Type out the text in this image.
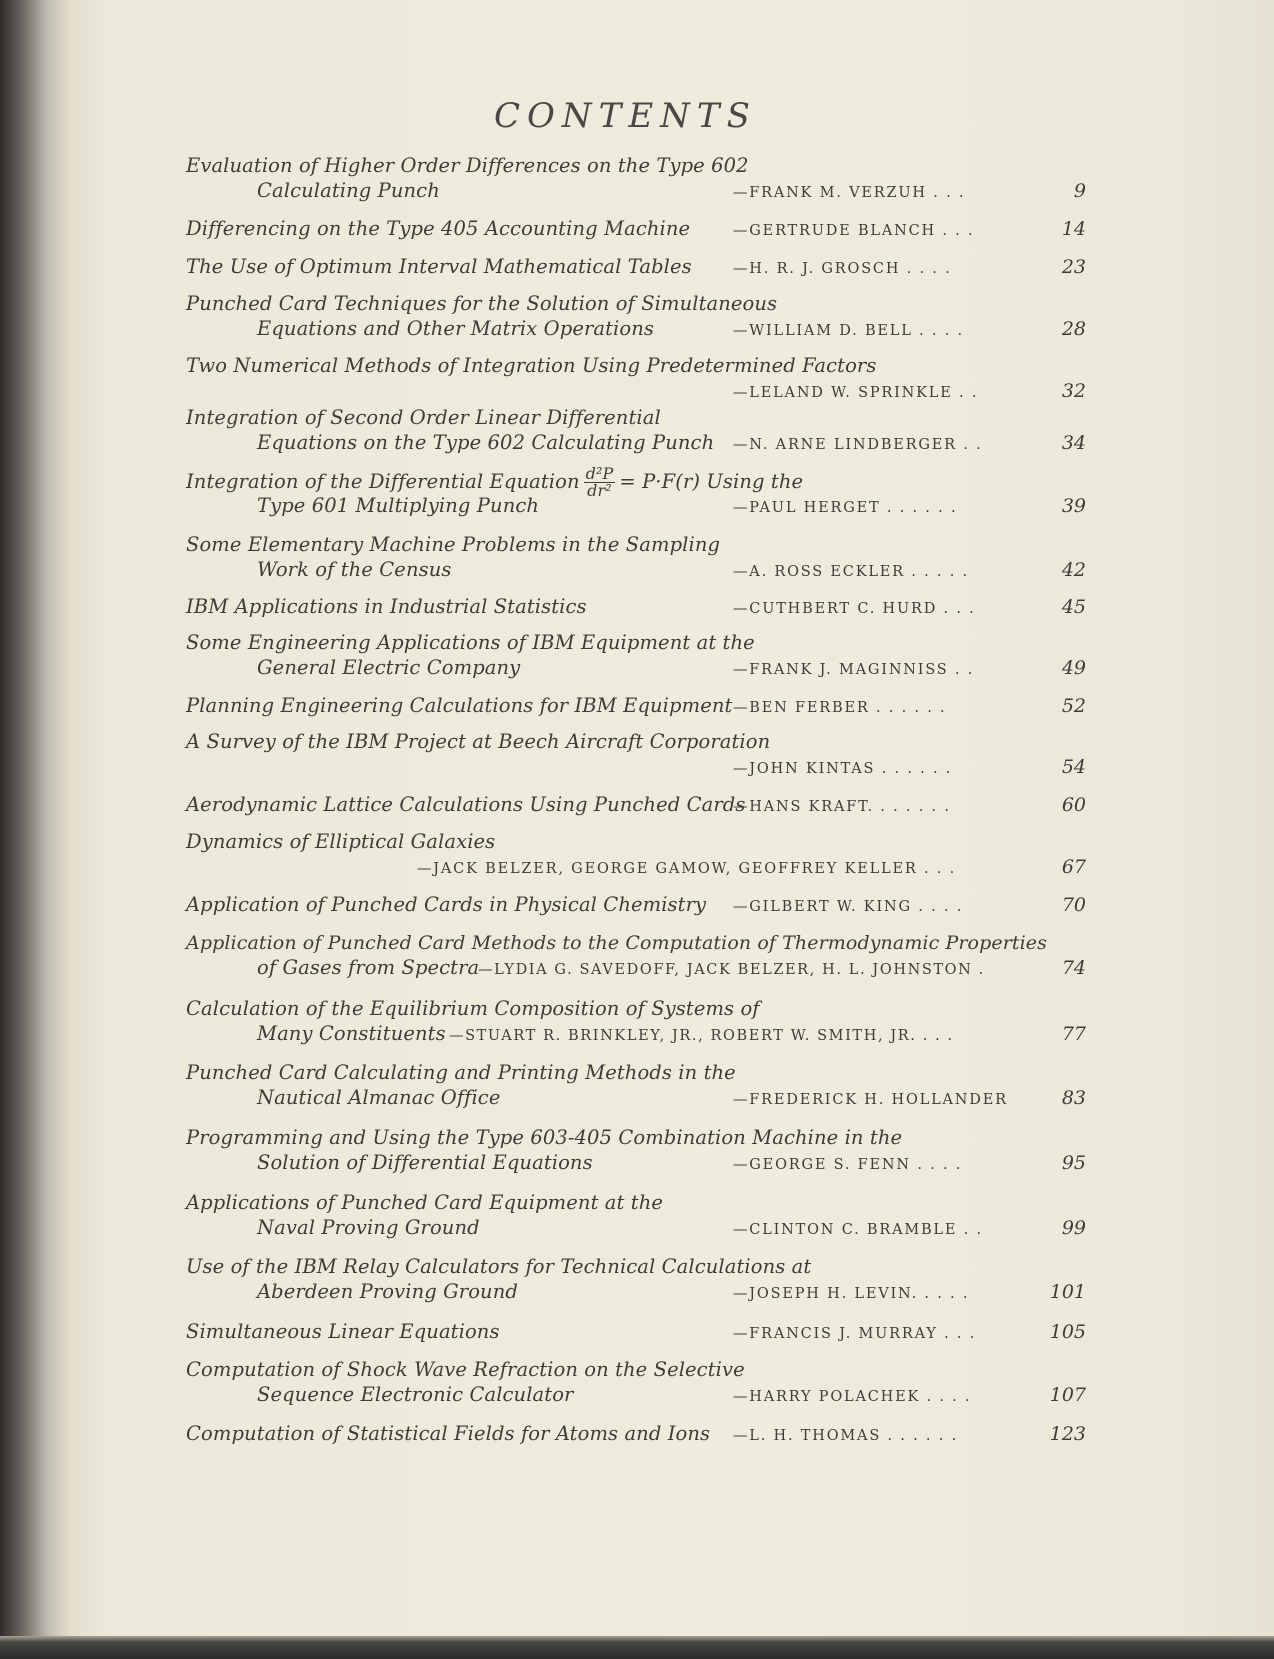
CONTENTS
Evaluation of Higher Order Differences on the Type 602
Calculating Punch	—FRANK M. VERZUH . . .	9
Differencing on the Type 405 Accounting Machine	—GERTRUDE BLANCH . . .	14
The Use of Optimum Interval Mathematical Tables	—H. R. J. GROSCH . . . .	23
Punched Card Techniques for the Solution of Simultaneous
Equations and Other Matrix Operations	—WILLIAM D. BELL . . . .	28
Two Numerical Methods of Integration Using Predetermined Factors
—LELAND W. SPRINKLE . .	32
Integration of Second Order Linear Differential
Equations on the Type 602 Calculating Punch —N. ARNE LINDBERGER . .	34
Integration of the Differential Equation $\frac{\text{d²P}}{\text{dr²}} = P\cdot F(r)$ Using the
Type 601 Multiplying Punch	—PAUL HERGET . . . . . .	39
Some Elementary Machine Problems in the Sampling
Work of the Census	—A. ROSS ECKLER . . . . .	42
IBM Applications in Industrial Statistics	—CUTHBERT C. HURD . . .	45
Some Engineering Applications of IBM Equipment at the
General Electric Company	—FRANK J. MAGINNISS . .	49
Planning Engineering Calculations for IBM Equipment —BEN FERBER . . . . . .	52
A Survey of the IBM Project at Beech Aircraft Corporation
—JOHN KINTAS . . . . . .	54
Aerodynamic Lattice Calculations Using Punched Cards
—HANS KRAFT. . . . . . .	60
Dynamics of Elliptical Galaxies
—JACK BELZER, GEORGE GAMOW, GEOFFREY KELLER . . .	67
Application of Punched Cards in Physical Chemistry —GILBERT W. KING . . . .	70
Application of Punched Card Methods to the Computation of Thermodynamic Properties
of Gases from Spectra
—LYDIA G. SAVEDOFF, JACK BELZER, H. L. JOHNSTON .	74
Calculation of the Equilibrium Composition of Systems of
Many Constituents —STUART R. BRINKLEY, JR., ROBERT W. SMITH, JR. . . .	77
Punched Card Calculating and Printing Methods in the
Nautical Almanac Office	—FREDERICK H. HOLLANDER	83
Programming and Using the Type 603-405 Combination Machine in the
Solution of Differential Equations	—GEORGE S. FENN . . . .	95
Applications of Punched Card Equipment at the
Naval Proving Ground	—CLINTON C. BRAMBLE . .	99
Use of the IBM Relay Calculators for Technical Calculations at
Aberdeen Proving Ground	—JOSEPH H. LEVIN. . . . .	101
Simultaneous Linear Equations	—FRANCIS J. MURRAY . . .	105
Computation of Shock Wave Refraction on the Selective
Sequence Electronic Calculator	—HARRY POLACHEK . . . .	107
Computation of Statistical Fields for Atoms and Ions —L. H. THOMAS . . . . . .	123
